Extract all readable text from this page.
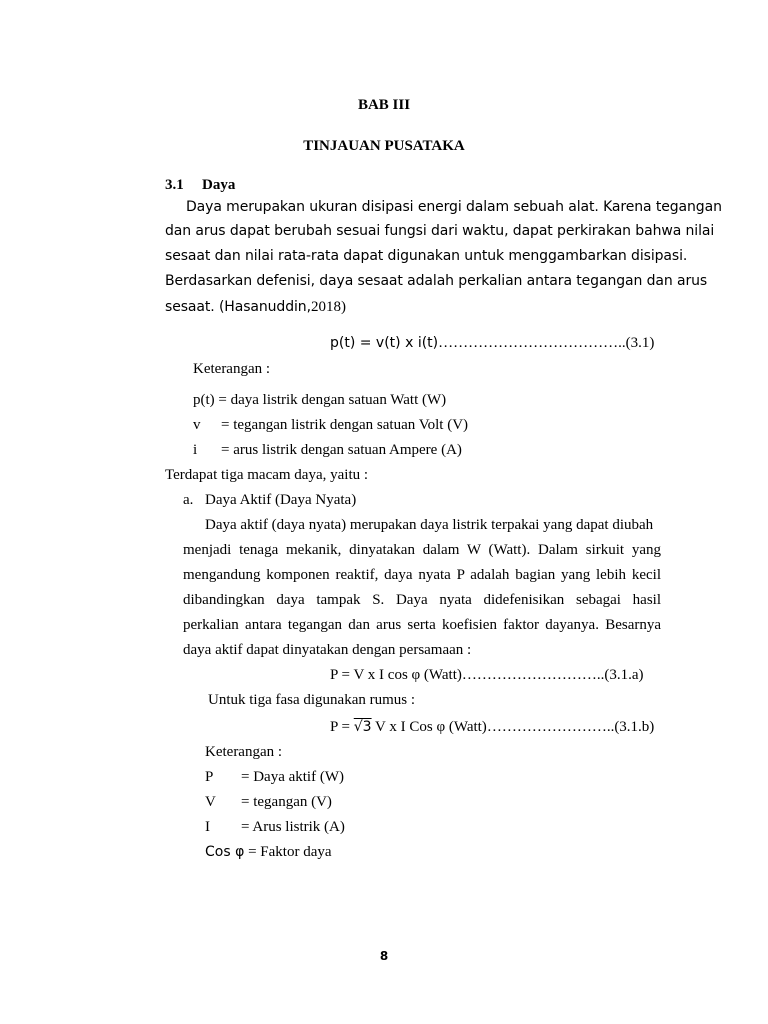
BAB III
TINJAUAN PUSATAKA
3.1 Daya
Daya merupakan ukuran disipasi energi dalam sebuah alat. Karena tegangan
dan arus dapat berubah sesuai fungsi dari waktu, dapat perkirakan bahwa nilai
sesaat dan nilai rata-rata dapat digunakan untuk menggambarkan disipasi.
Berdasarkan defenisi, daya sesaat adalah perkalian antara tegangan dan arus
sesaat. (Hasanuddin,2018)
p(t) = v(t) x i(t)………………………………..(3.1)
Keterangan :
p(t) = daya listrik dengan satuan Watt (W)
v = tegangan listrik dengan satuan Volt (V)
i = arus listrik dengan satuan Ampere (A)
Terdapat tiga macam daya, yaitu :
a. Daya Aktif (Daya Nyata)
Daya aktif (daya nyata) merupakan daya listrik terpakai yang dapat diubah
menjadi tenaga mekanik, dinyatakan dalam W (Watt). Dalam sirkuit yang
mengandung komponen reaktif, daya nyata P adalah bagian yang lebih kecil
dibandingkan daya tampak S. Daya nyata didefenisikan sebagai hasil
perkalian antara tegangan dan arus serta koefisien faktor dayanya. Besarnya
daya aktif dapat dinyatakan dengan persamaan :
P = V x I cos φ (Watt)………………………..(3.1.a)
Untuk tiga fasa digunakan rumus :
P = √3 V x I Cos φ (Watt)……………………..(3.1.b)
Keterangan :
P = Daya aktif (W)
V = tegangan (V)
I = Arus listrik (A)
Cos φ = Faktor daya
8
